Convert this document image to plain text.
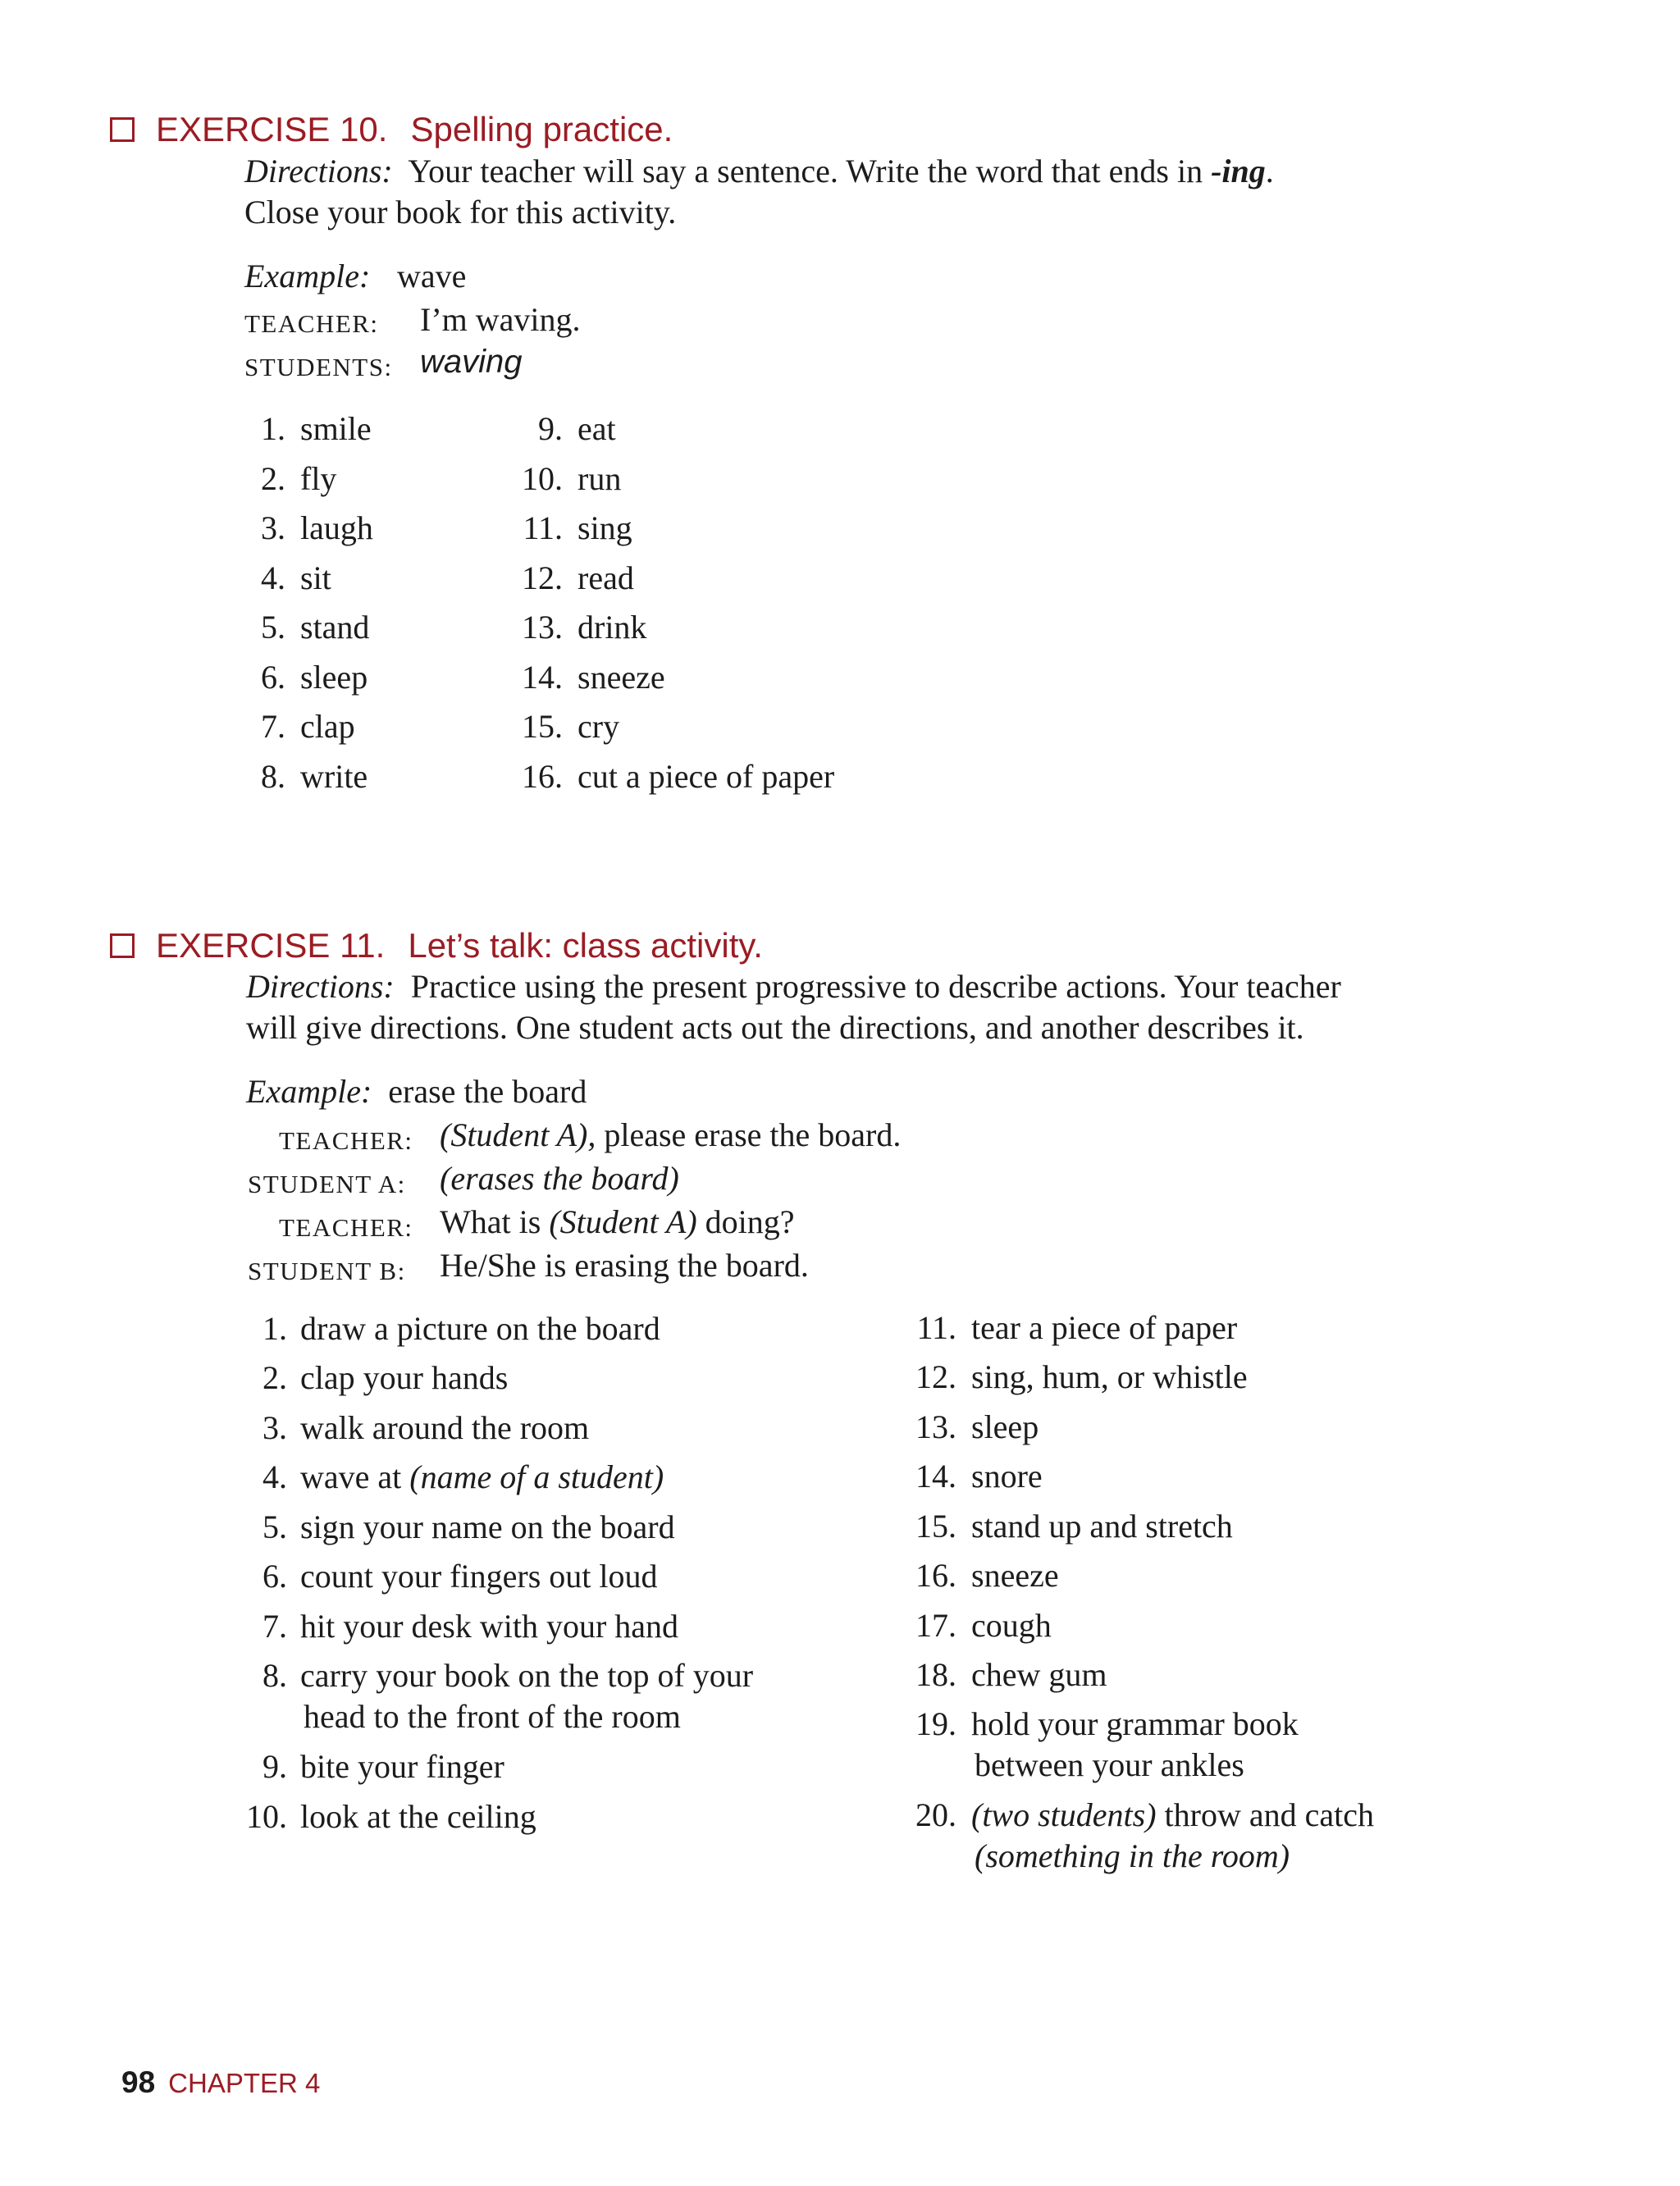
EXERCISE 10. Spelling practice.
Directions: Your teacher will say a sentence. Write the word that ends in -ing.
Close your book for this activity.
Example: wave
TEACHER: I’m waving.
STUDENTS: waving
1. smile
2. fly
3. laugh
4. sit
5. stand
6. sleep
7. clap
8. write
9. eat
10. run
11. sing
12. read
13. drink
14. sneeze
15. cry
16. cut a piece of paper
EXERCISE 11. Let’s talk: class activity.
Directions: Practice using the present progressive to describe actions. Your teacher
will give directions. One student acts out the directions, and another describes it.
Example: erase the board
TEACHER: (Student A), please erase the board.
STUDENT A: (erases the board)
TEACHER: What is (Student A) doing?
STUDENT B: He/She is erasing the board.
1. draw a picture on the board
2. clap your hands
3. walk around the room
4. wave at (name of a student)
5. sign your name on the board
6. count your fingers out loud
7. hit your desk with your hand
8. carry your book on the top of your
head to the front of the room
9. bite your finger
10. look at the ceiling
11. tear a piece of paper
12. sing, hum, or whistle
13. sleep
14. snore
15. stand up and stretch
16. sneeze
17. cough
18. chew gum
19. hold your grammar book
between your ankles
20. (two students) throw and catch
(something in the room)
98 CHAPTER 4
